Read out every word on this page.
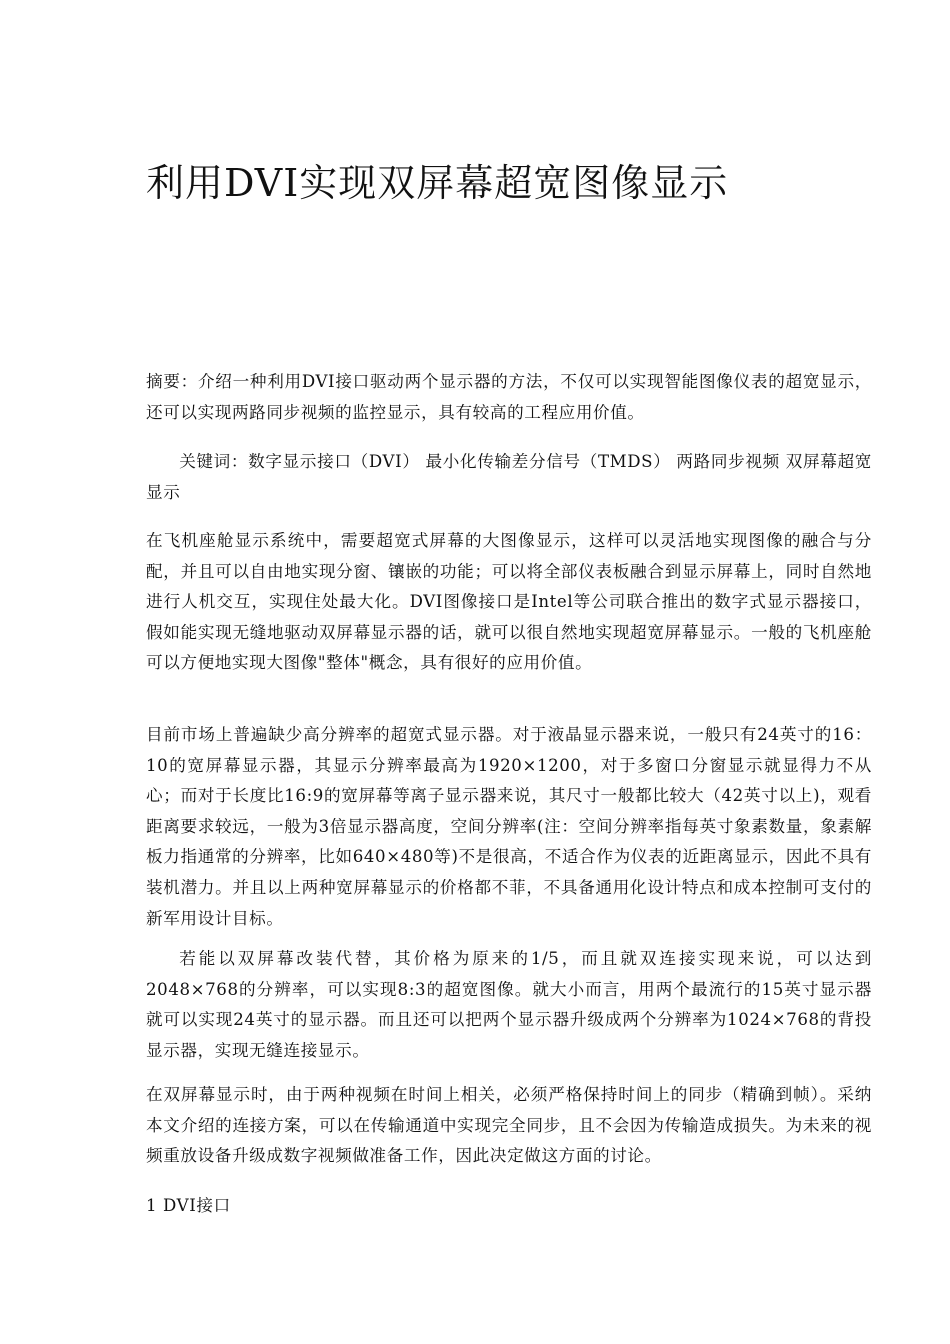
利用DVI实现双屏幕超宽图像显示

摘要：介绍一种利用DVI接口驱动两个显示器的方法，不仅可以实现智能图像仪表的超宽显示，还可以实现两路同步视频的监控显示，具有较高的工程应用价值。

关键词：数字显示接口（DVI） 最小化传输差分信号（TMDS） 两路同步视频 双屏幕超宽显示

在飞机座舱显示系统中，需要超宽式屏幕的大图像显示，这样可以灵活地实现图像的融合与分配，并且可以自由地实现分窗、镶嵌的功能；可以将全部仪表板融合到显示屏幕上，同时自然地进行人机交互，实现住处最大化。DVI图像接口是Intel等公司联合推出的数字式显示器接口，假如能实现无缝地驱动双屏幕显示器的话，就可以很自然地实现超宽屏幕显示。一般的飞机座舱可以方便地实现大图像"整体"概念，具有很好的应用价值。

目前市场上普遍缺少高分辨率的超宽式显示器。对于液晶显示器来说，一般只有24英寸的16：10的宽屏幕显示器，其显示分辨率最高为1920×1200，对于多窗口分窗显示就显得力不从心；而对于长度比16:9的宽屏幕等离子显示器来说，其尺寸一般都比较大（42英寸以上)，观看距离要求较远，一般为3倍显示器高度，空间分辨率(注：空间分辨率指每英寸象素数量，象素解板力指通常的分辨率，比如640×480等)不是很高，不适合作为仪表的近距离显示，因此不具有装机潜力。并且以上两种宽屏幕显示的价格都不菲，不具备通用化设计特点和成本控制可支付的新军用设计目标。

若能以双屏幕改装代替，其价格为原来的1/5，而且就双连接实现来说，可以达到2048×768的分辨率，可以实现8:3的超宽图像。就大小而言，用两个最流行的15英寸显示器就可以实现24英寸的显示器。而且还可以把两个显示器升级成两个分辨率为1024×768的背投显示器，实现无缝连接显示。

在双屏幕显示时，由于两种视频在时间上相关，必须严格保持时间上的同步（精确到帧）。采纳本文介绍的连接方案，可以在传输通道中实现完全同步，且不会因为传输造成损失。为未来的视频重放设备升级成数字视频做准备工作，因此决定做这方面的讨论。

1 DVI接口
